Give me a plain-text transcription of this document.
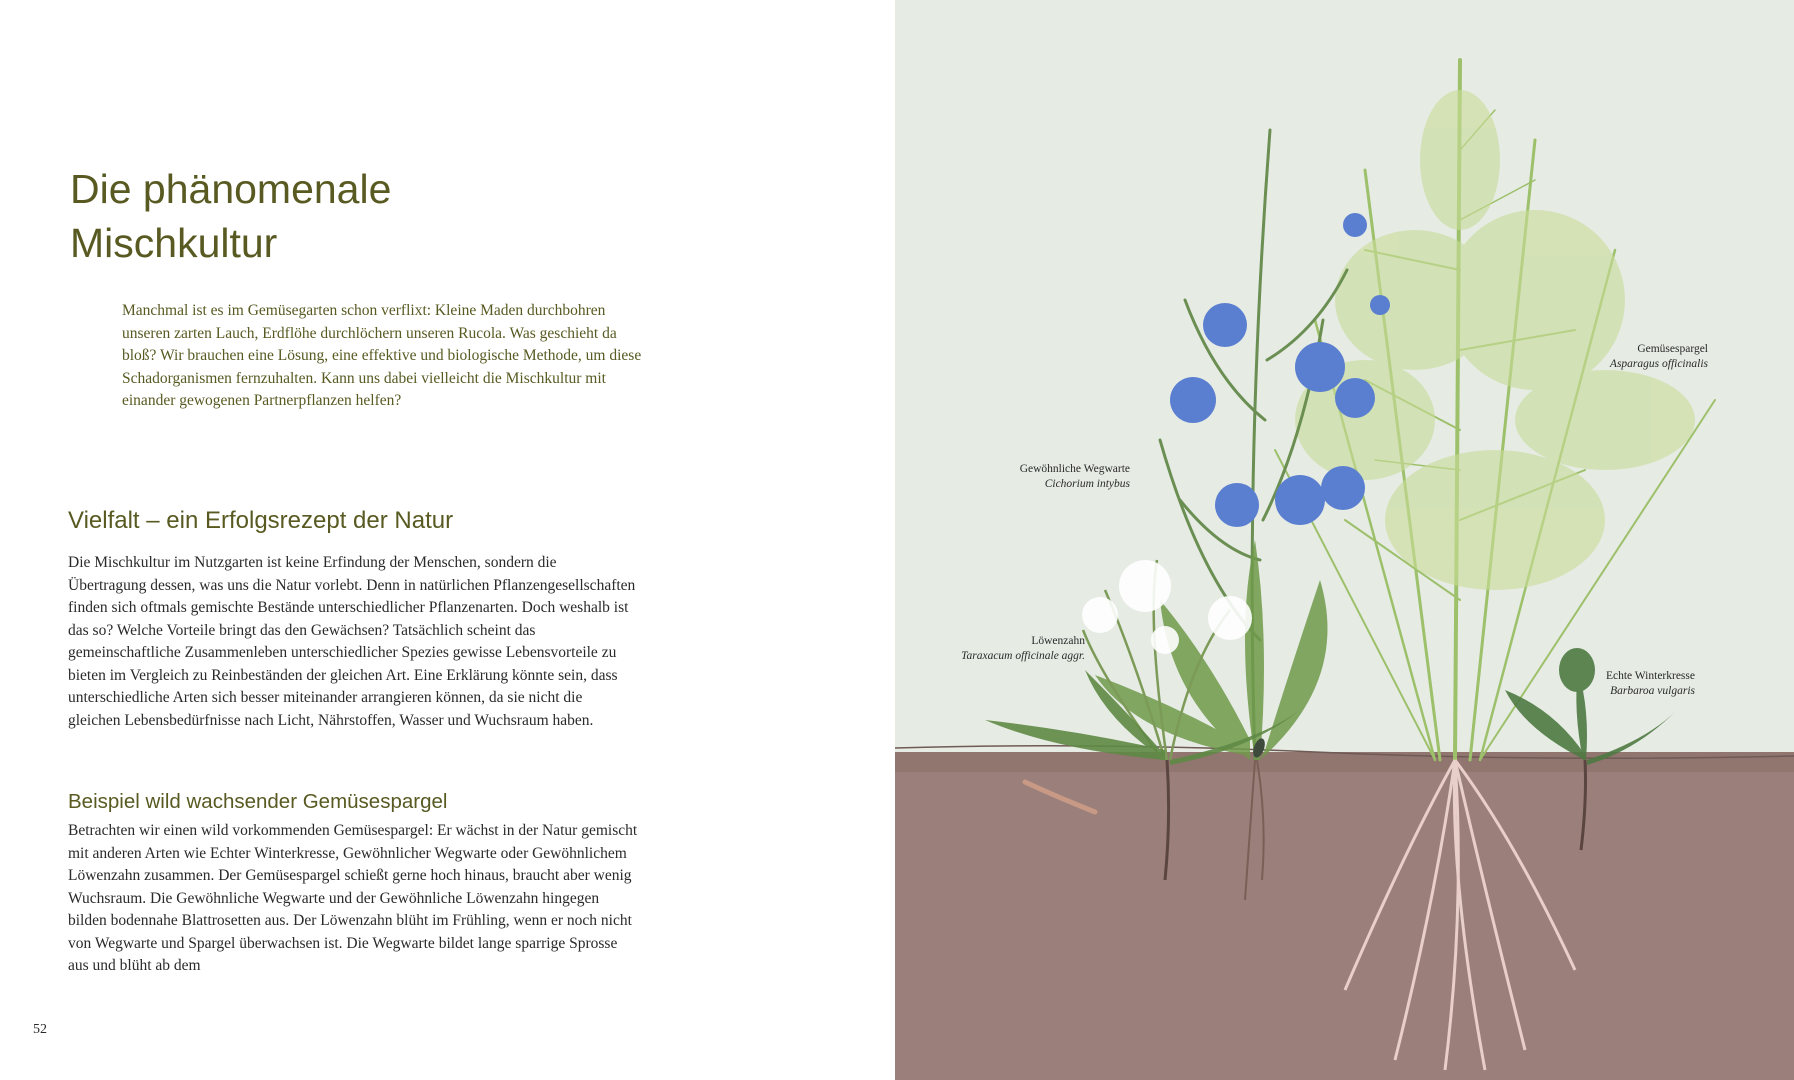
Die phänomenale
Mischkultur

Manchmal ist es im Gemüsegarten schon verflixt: Kleine Maden durchbohren unseren zarten Lauch, Erdflöhe durchlöchern unseren Rucola. Was geschieht da bloß? Wir brauchen eine Lösung, eine effektive und biologische Methode, um diese Schadorganismen fernzuhalten. Kann uns dabei vielleicht die Mischkultur mit einander gewogenen Partnerpflanzen helfen?

Vielfalt – ein Erfolgsrezept der Natur

Die Mischkultur im Nutzgarten ist keine Erfindung der Menschen, sondern die Übertragung dessen, was uns die Natur vorlebt. Denn in natürlichen Pflanzengesellschaften finden sich oftmals gemischte Bestände unterschiedlicher Pflanzenarten. Doch weshalb ist das so? Welche Vorteile bringt das den Gewächsen? Tatsächlich scheint das gemeinschaftliche Zusammenleben unterschiedlicher Spezies gewisse Lebensvorteile zu bieten im Vergleich zu Reinbeständen der gleichen Art. Eine Erklärung könnte sein, dass unterschiedliche Arten sich besser miteinander arrangieren können, da sie nicht die gleichen Lebensbedürfnisse nach Licht, Nährstoffen, Wasser und Wuchsraum haben.

Beispiel wild wachsender Gemüsespargel

Betrachten wir einen wild vorkommenden Gemüsespargel: Er wächst in der Natur gemischt mit anderen Arten wie Echter Winterkresse, Gewöhnlicher Wegwarte oder Gewöhnlichem Löwenzahn zusammen. Der Gemüsespargel schießt gerne hoch hinaus, braucht aber wenig Wuchsraum. Die Gewöhnliche Wegwarte und der Gewöhnliche Löwenzahn hingegen bilden bodennahe Blattrosetten aus. Der Löwenzahn blüht im Frühling, wenn er noch nicht von Wegwarte und Spargel überwachsen ist. Die Wegwarte bildet lange sparrige Sprosse aus und blüht ab dem

52
Gemüsespargel
Asparagus officinalis
Gewöhnliche Wegwarte
Cichorium intybus
Löwenzahn
Taraxacum officinale aggr.
Echte Winterkresse
Barbaroa vulgaris
